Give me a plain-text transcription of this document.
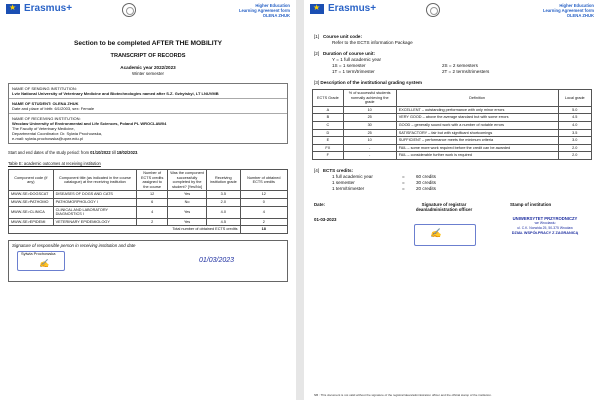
★
Erasmus+	Higher Education
Learning Agreement form
OLENA ZHUK
Section to be completed AFTER THE MOBILITY
TRANSCRIPT OF RECORDS
Academic year 2022/2023
Winter semester
NAME OF SENDING INSTITUTION:
Lviv National University of Veterinary Medicine and Biotechnologies named after S.Z. Gzhytskyi, LT LNUVMB
NAME OF STUDENT: OLENA ZHUK
Date and place of birth: 6/1/2003, sex: Female
NAME OF RECEIVING INSTITUTION:
Wroclaw University of Environmental and Life Sciences, Poland PL WROCLAW04
The Faculty of Veterinary Medicine,
Departmental Coordinator: Dr. Sylwia Prochowska,
e-mail: sylwia.prochowska@upwr.edu.pl
Start and end dates of the study period: from 01/10/2022 till 18/02/2023.
Table E: academic outcomes at receiving institution
Component code (if any)	Component title (as indicated in the course catalogue) at the receiving institution	Number of ECTS credits assigned to the course	Was the component successfully completed by the student? [Yes/No]	Receiving institution grade	Number of obtained ECTS credits
MWW-SE>DOGSCAT	DISEASES OF DOGS AND CATS	12	Yes	3.5	12
MWW-SE>PATHOMO	PATHOMORPHOLOGY I	6	No	2.0	0
MWW-SE>CLINICA	CLINICAL AND LABORATORY DIAGNOSTICS I	4	Yes	4.0	4
MWW-SE>EPIDEMI	VETERINARY EPIDEMIOLOGY	2	Yes	4.5	2
Total number of obtained ECTS credits					18
Signature of responsible person in receiving institution and date
Sylwia Prochowska
✍	01/03/2023
★
Erasmus+	Higher Education
Learning Agreement form
OLENA ZHUK
[1] Course unit code:
Refer to the ECTS information Package
[2] Duration of course unit:
Y = 1 full academic year
1S = 1 semester	2S = 2 semesters
1T = 1 term/trimester	2T = 2 terms/trimesters
[3] Description of the institutional grading system
ECTS Grade	% of successful students normally achieving the grade	Definition	Local grade
A	10	EXCELLENT – outstanding performance with only minor errors	5.0
B	25	VERY GOOD – above the average standard but with some errors	4.5
C	30	GOOD – generally sound work with a number of notable errors	4.0
D	25	SATISFACTORY – fair but with significant shortcomings	3.5
E	10	SUFFICIENT – performance meets the minimum criteria	3.0
FX	-	FAIL – some more work required before the credit can be awarded	2.0
F	-	FAIL – considerable further work is required	2.0
[4] ECTS credits:
1 full academic year	=	60 credits
1 semester	=	30 credits
1 term/trimester	=	20 credits
Date:
01-03-2023
Signature of registrar dean/administration officer
✍
Stamp of institution
UNIWERSYTET PRZYRODNICZY
we Wrocławiu
ul. C.K. Norwida 25, 50-375 Wrocław
DZIAŁ WSPÓŁPRACY Z ZAGRANICĄ
NB : This document is not valid without the signature of the registrar/dean/administration officer and the official stamp of the institution.
